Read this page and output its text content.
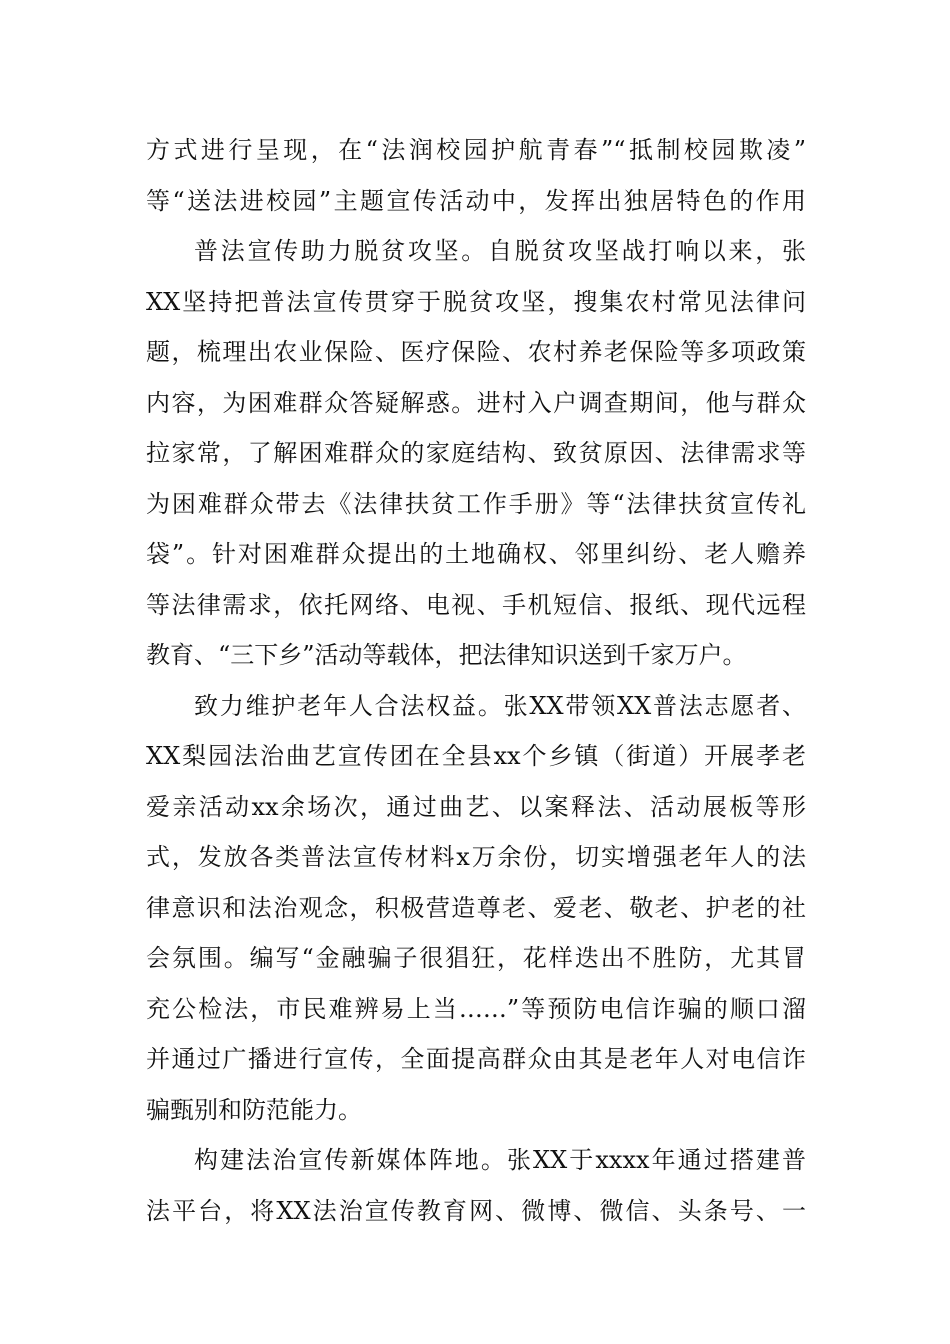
方式进行呈现，在“法润校园护航青春”“抵制校园欺凌”
等“送法进校园”主题宣传活动中，发挥出独居特色的作用
普法宣传助力脱贫攻坚。自脱贫攻坚战打响以来，张
XX坚持把普法宣传贯穿于脱贫攻坚，搜集农村常见法律问
题，梳理出农业保险、医疗保险、农村养老保险等多项政策
内容，为困难群众答疑解惑。进村入户调查期间，他与群众
拉家常，了解困难群众的家庭结构、致贫原因、法律需求等
为困难群众带去《法律扶贫工作手册》等“法律扶贫宣传礼
袋”。针对困难群众提出的土地确权、邻里纠纷、老人赡养
等法律需求，依托网络、电视、手机短信、报纸、现代远程
教育、“三下乡”活动等载体，把法律知识送到千家万户。
致力维护老年人合法权益。张XX带领XX普法志愿者、
XX梨园法治曲艺宣传团在全县xx个乡镇（街道）开展孝老
爱亲活动xx余场次，通过曲艺、以案释法、活动展板等形
式，发放各类普法宣传材料x万余份，切实增强老年人的法
律意识和法治观念，积极营造尊老、爱老、敬老、护老的社
会氛围。编写“金融骗子很猖狂，花样迭出不胜防，尤其冒
充公检法，市民难辨易上当……”等预防电信诈骗的顺口溜
并通过广播进行宣传，全面提高群众由其是老年人对电信诈
骗甄别和防范能力。
构建法治宣传新媒体阵地。张XX于xxxx年通过搭建普
法平台，将XX法治宣传教育网、微博、微信、头条号、一
